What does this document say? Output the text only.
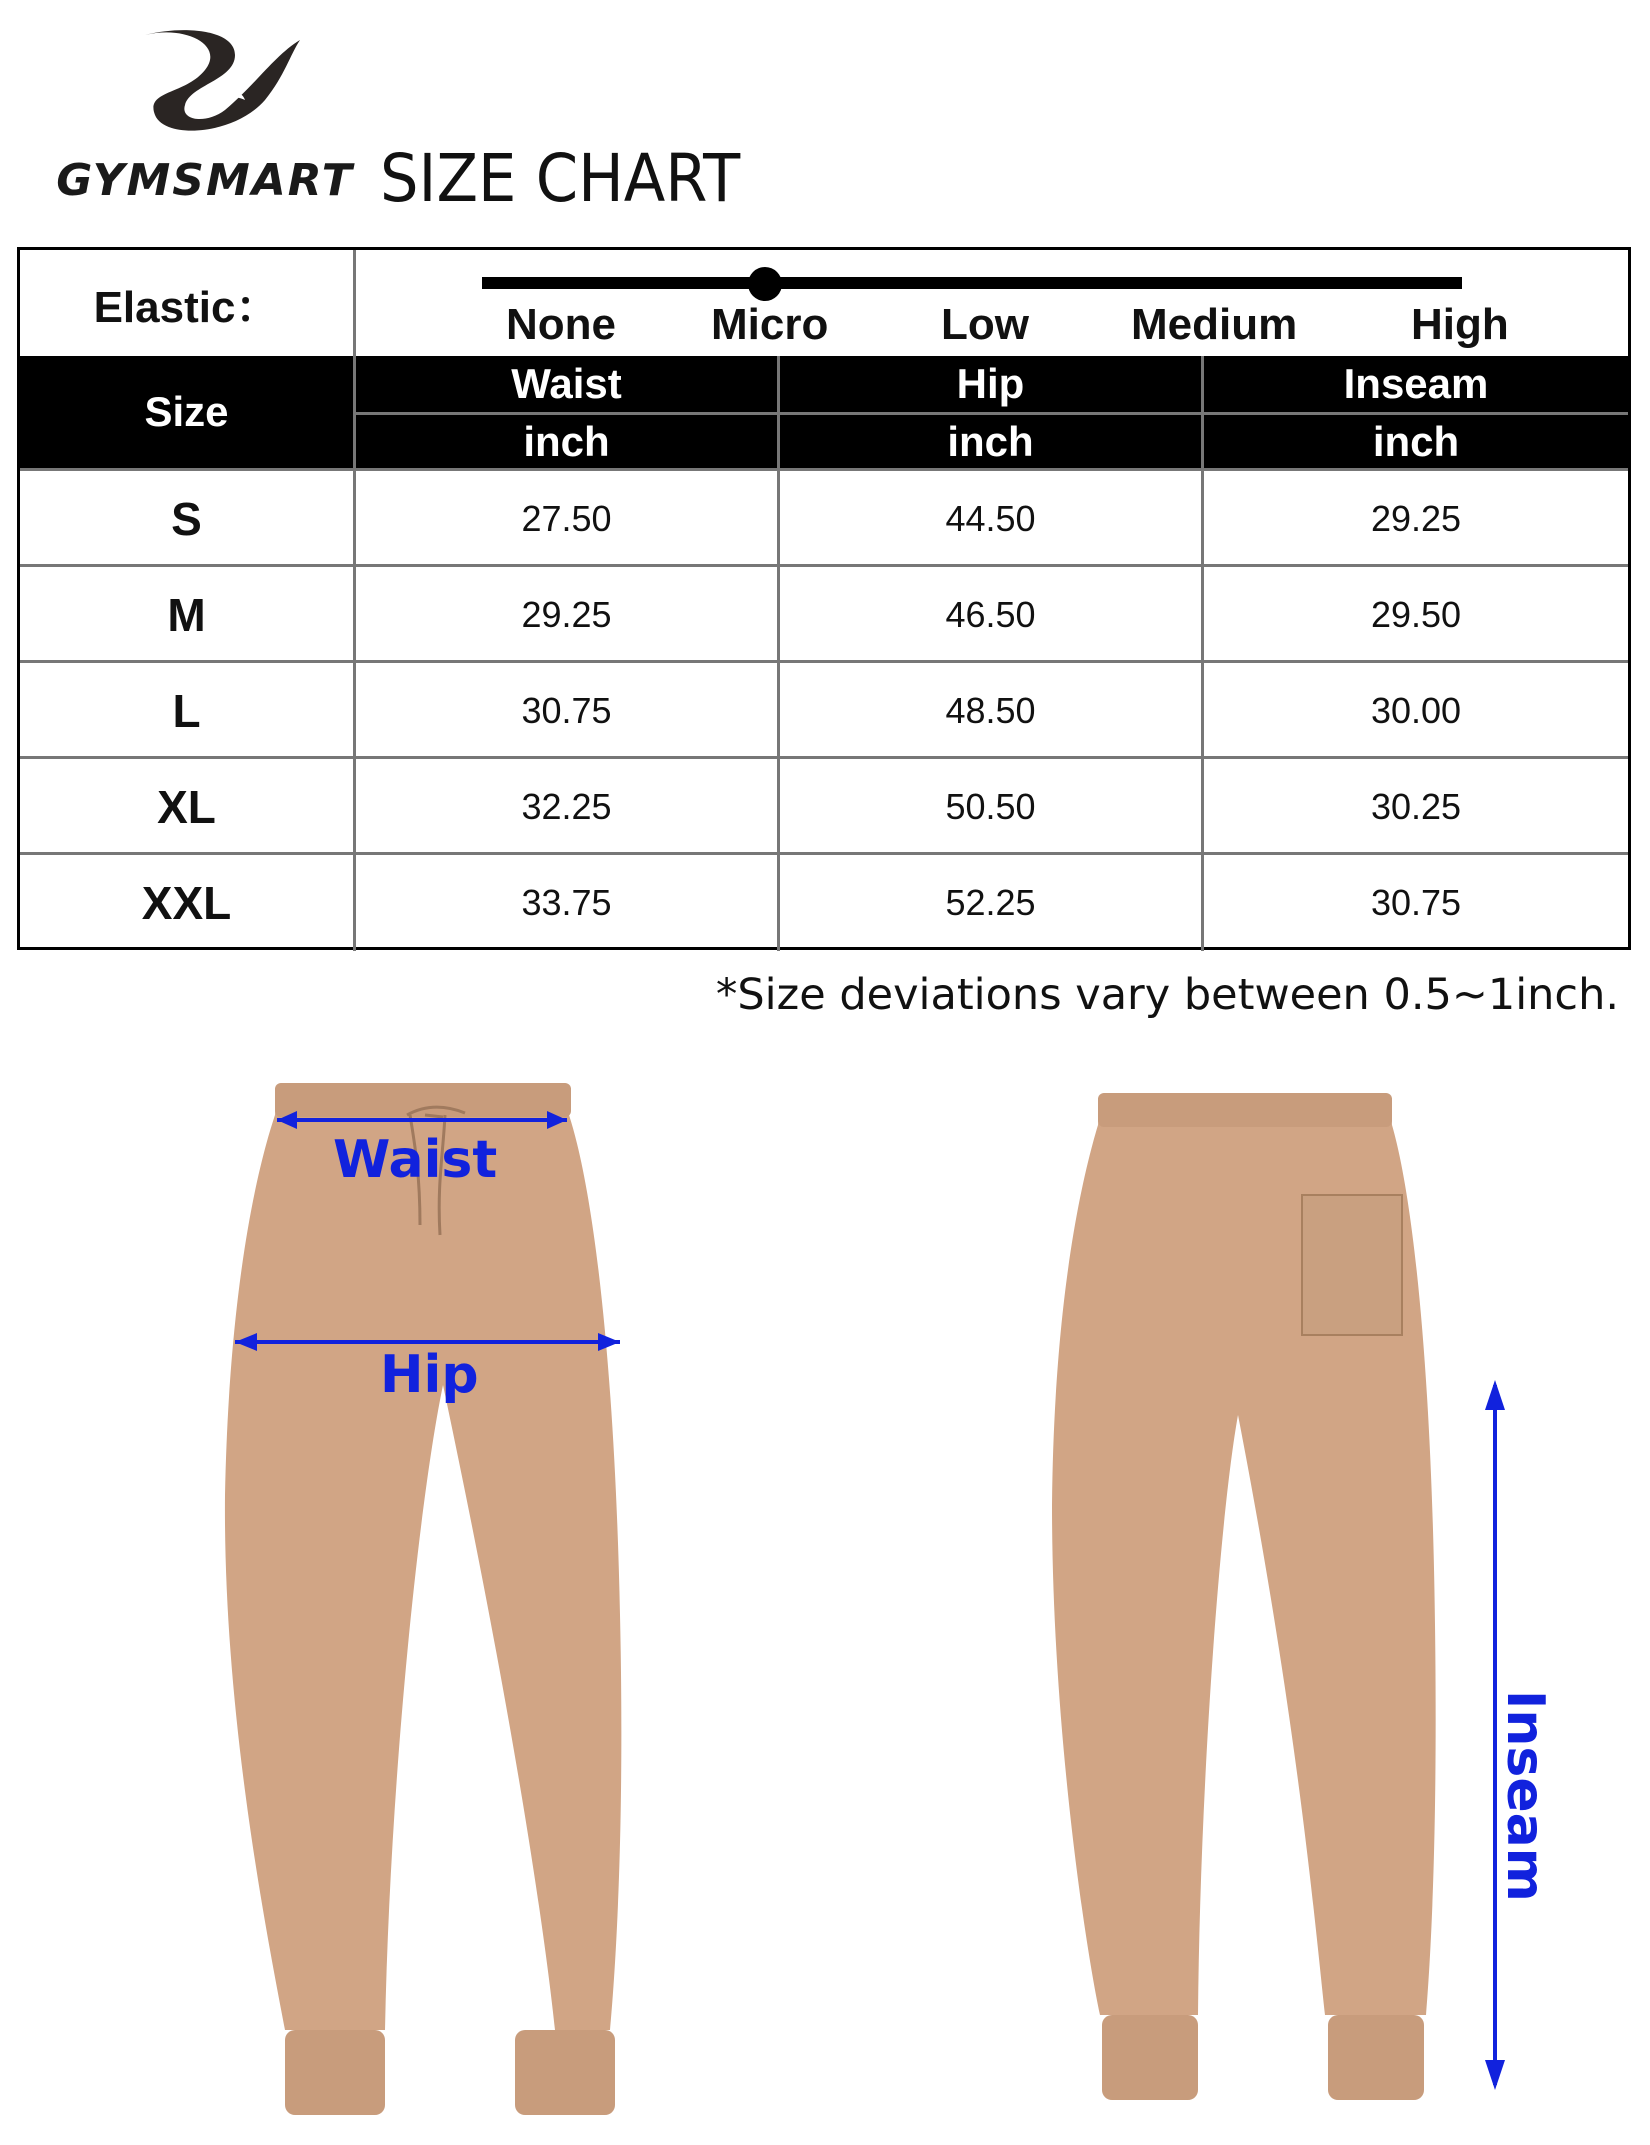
GYMSMART SIZE CHART
Elastic：	None Micro	Low Medium	High
Size
Waist	Hip	Inseam
inch	inch	inch
S	27.50	44.50	29.25
M	29.25	46.50	29.50
L	30.75	48.50	30.00
XL	32.25	50.50	30.25
XXL	33.75	52.25	30.75
*Size deviations vary between 0.5~1inch.
Waist
Hip
Inseam
